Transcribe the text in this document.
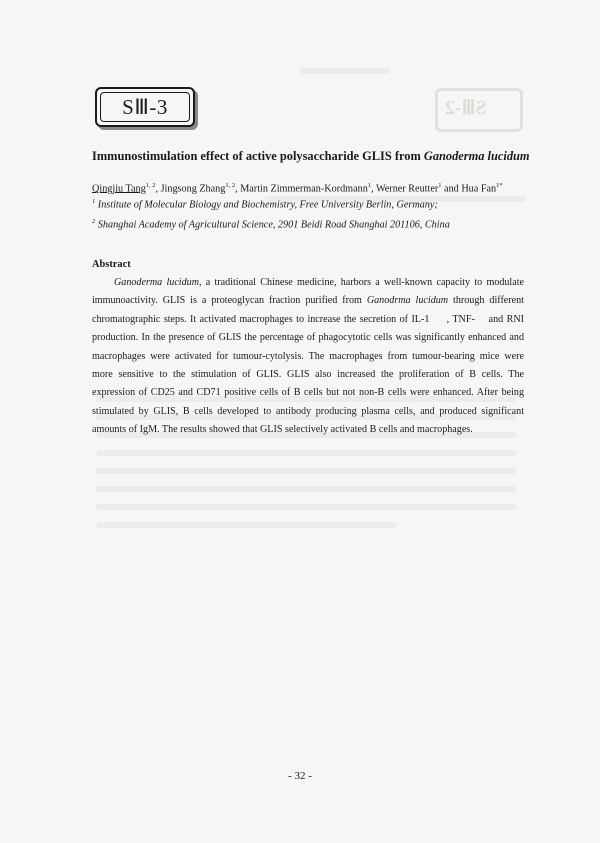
SⅢ-2
SⅢ-3
Immunostimulation effect of active polysaccharide GLIS from Ganoderma lucidum
Qingjiu Tang$^{1, 2}$, Jingsong Zhang$^{1, 2}$, Martin Zimmerman-Kordmann$^1$, Werner Reutter$^1$ and Hua Fan$^{1*}$
$^1$ Institute of Molecular Biology and Biochemistry, Free University Berlin, Germany;
$^2$ Shanghai Academy of Agricultural Science, 2901 Beidi Road Shanghai 201106, China
Abstract
Ganoderma lucidum, a traditional Chinese medicine, harbors a well-known capacity to modulate
immunoactivity. GLIS is a proteoglycan fraction purified from Ganodrma lucidum through different
chromatographic steps. It activated macrophages to increase the secretion of IL-1     , TNF-    and RNI
production. In the presence of GLIS the percentage of phagocytotic cells was significantly enhanced and
macrophages were activated for tumour-cytolysis. The macrophages from tumour-bearing mice were
more sensitive to the stimulation of GLIS. GLIS also increased the proliferation of B cells. The
expression of CD25 and CD71 positive cells of B cells but not non-B cells were enhanced. After being
stimulated by GLIS, B cells developed to antibody producing plasma cells, and produced significant
amounts of IgM. The results showed that GLIS selectively activated B cells and macrophages.
- 32 -
